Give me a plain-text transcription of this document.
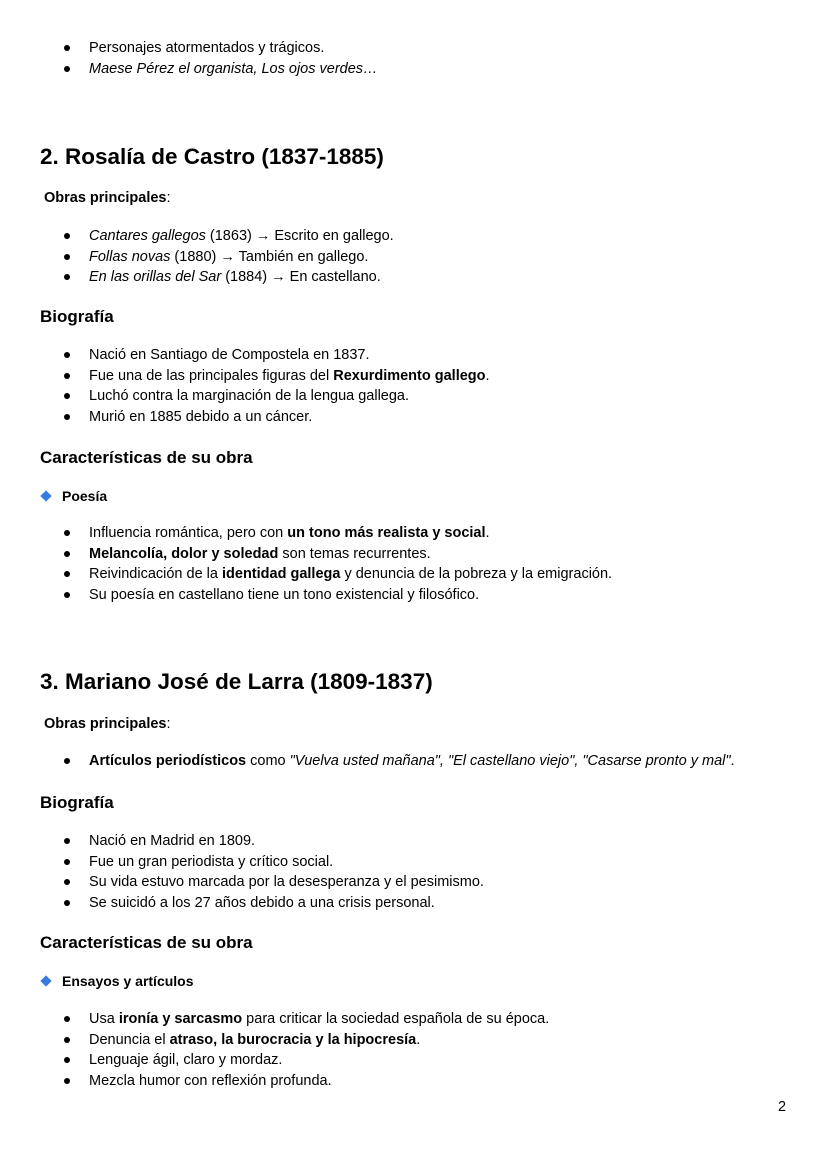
Personajes atormentados y trágicos.
Maese Pérez el organista, Los ojos verdes…
2. Rosalía de Castro (1837-1885)
Obras principales:
Cantares gallegos (1863) → Escrito en gallego.
Follas novas (1880) → También en gallego.
En las orillas del Sar (1884) → En castellano.
Biografía
Nació en Santiago de Compostela en 1837.
Fue una de las principales figuras del Rexurdimento gallego.
Luchó contra la marginación de la lengua gallega.
Murió en 1885 debido a un cáncer.
Características de su obra
Poesía
Influencia romántica, pero con un tono más realista y social.
Melancolía, dolor y soledad son temas recurrentes.
Reivindicación de la identidad gallega y denuncia de la pobreza y la emigración.
Su poesía en castellano tiene un tono existencial y filosófico.
3. Mariano José de Larra (1809-1837)
Obras principales:
Artículos periodísticos como "Vuelva usted mañana", "El castellano viejo", "Casarse pronto y mal".
Biografía
Nació en Madrid en 1809.
Fue un gran periodista y crítico social.
Su vida estuvo marcada por la desesperanza y el pesimismo.
Se suicidó a los 27 años debido a una crisis personal.
Características de su obra
Ensayos y artículos
Usa ironía y sarcasmo para criticar la sociedad española de su época.
Denuncia el atraso, la burocracia y la hipocresía.
Lenguaje ágil, claro y mordaz.
Mezcla humor con reflexión profunda.
2
